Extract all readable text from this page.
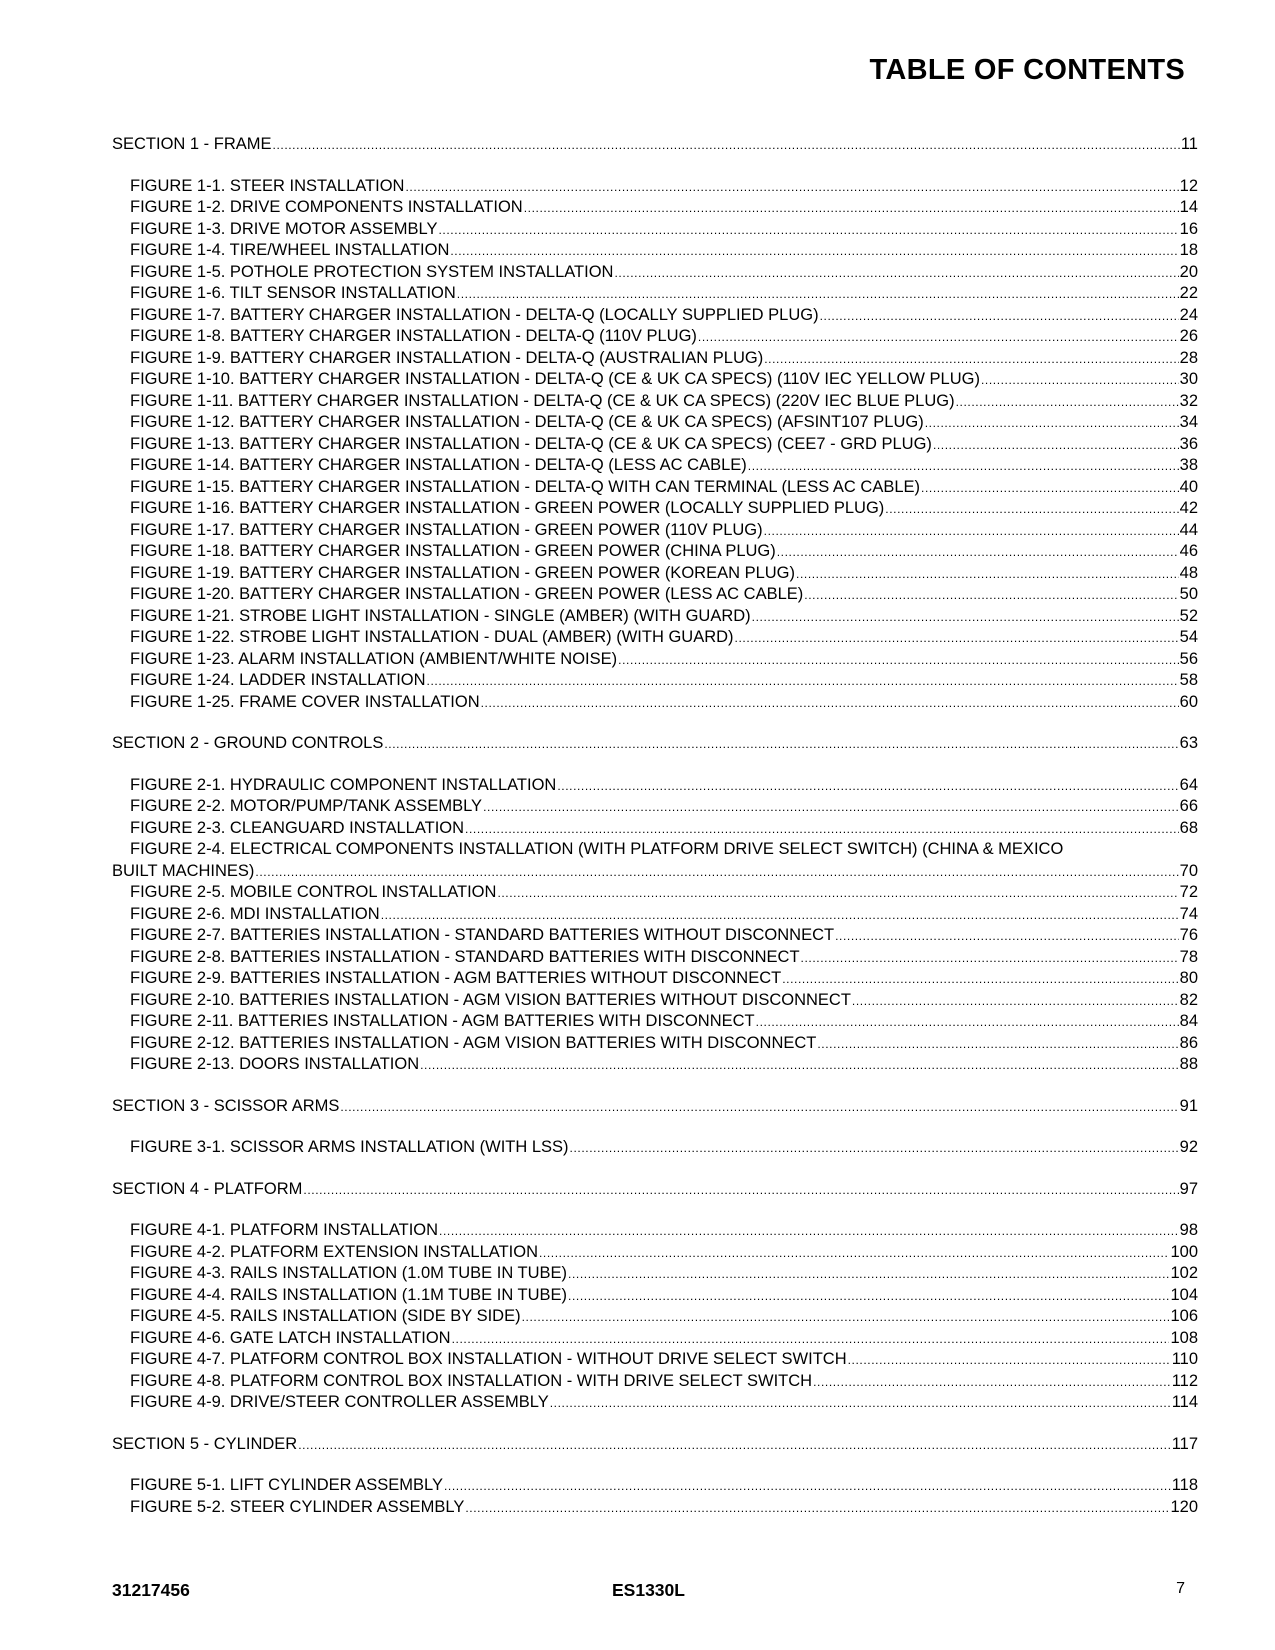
TABLE OF CONTENTS
SECTION 1 - FRAME .....	11
FIGURE 1-1. STEER INSTALLATION .....	12
FIGURE 1-2. DRIVE COMPONENTS INSTALLATION .....	14
FIGURE 1-3. DRIVE MOTOR ASSEMBLY .....	16
FIGURE 1-4. TIRE/WHEEL INSTALLATION .....	18
FIGURE 1-5. POTHOLE PROTECTION SYSTEM INSTALLATION .....	20
FIGURE 1-6. TILT SENSOR INSTALLATION .....	22
FIGURE 1-7. BATTERY CHARGER INSTALLATION - DELTA-Q (LOCALLY SUPPLIED PLUG) .....	24
FIGURE 1-8. BATTERY CHARGER INSTALLATION - DELTA-Q (110V PLUG) .....	26
FIGURE 1-9. BATTERY CHARGER INSTALLATION - DELTA-Q (AUSTRALIAN PLUG) .....	28
FIGURE 1-10. BATTERY CHARGER INSTALLATION - DELTA-Q (CE & UK CA SPECS) (110V IEC YELLOW PLUG) .....	30
FIGURE 1-11. BATTERY CHARGER INSTALLATION - DELTA-Q (CE & UK CA SPECS) (220V IEC BLUE PLUG) .....	32
FIGURE 1-12. BATTERY CHARGER INSTALLATION - DELTA-Q (CE & UK CA SPECS) (AFSINT107 PLUG) .....	34
FIGURE 1-13. BATTERY CHARGER INSTALLATION - DELTA-Q (CE & UK CA SPECS) (CEE7 - GRD PLUG) .....	36
FIGURE 1-14. BATTERY CHARGER INSTALLATION - DELTA-Q (LESS AC CABLE) .....	38
FIGURE 1-15. BATTERY CHARGER INSTALLATION - DELTA-Q WITH CAN TERMINAL (LESS AC CABLE) .....	40
FIGURE 1-16. BATTERY CHARGER INSTALLATION - GREEN POWER (LOCALLY SUPPLIED PLUG) .....	42
FIGURE 1-17. BATTERY CHARGER INSTALLATION - GREEN POWER (110V PLUG) .....	44
FIGURE 1-18. BATTERY CHARGER INSTALLATION - GREEN POWER (CHINA PLUG) .....	46
FIGURE 1-19. BATTERY CHARGER INSTALLATION - GREEN POWER (KOREAN PLUG) .....	48
FIGURE 1-20. BATTERY CHARGER INSTALLATION - GREEN POWER (LESS AC CABLE) .....	50
FIGURE 1-21. STROBE LIGHT INSTALLATION - SINGLE (AMBER) (WITH GUARD) .....	52
FIGURE 1-22. STROBE LIGHT INSTALLATION - DUAL (AMBER) (WITH GUARD) .....	54
FIGURE 1-23. ALARM INSTALLATION (AMBIENT/WHITE NOISE) .....	56
FIGURE 1-24. LADDER INSTALLATION .....	58
FIGURE 1-25. FRAME COVER INSTALLATION .....	60
SECTION 2 - GROUND CONTROLS .....	63
FIGURE 2-1. HYDRAULIC COMPONENT INSTALLATION .....	64
FIGURE 2-2. MOTOR/PUMP/TANK ASSEMBLY .....	66
FIGURE 2-3. CLEANGUARD INSTALLATION .....	68
FIGURE 2-4. ELECTRICAL COMPONENTS INSTALLATION (WITH PLATFORM DRIVE SELECT SWITCH) (CHINA & MEXICO
BUILT MACHINES) .....	70
FIGURE 2-5. MOBILE CONTROL INSTALLATION .....	72
FIGURE 2-6. MDI INSTALLATION .....	74
FIGURE 2-7. BATTERIES INSTALLATION - STANDARD BATTERIES WITHOUT DISCONNECT .....	76
FIGURE 2-8. BATTERIES INSTALLATION - STANDARD BATTERIES WITH DISCONNECT .....	78
FIGURE 2-9. BATTERIES INSTALLATION - AGM BATTERIES WITHOUT DISCONNECT .....	80
FIGURE 2-10. BATTERIES INSTALLATION - AGM VISION BATTERIES WITHOUT DISCONNECT .....	82
FIGURE 2-11. BATTERIES INSTALLATION - AGM BATTERIES WITH DISCONNECT .....	84
FIGURE 2-12. BATTERIES INSTALLATION - AGM VISION BATTERIES WITH DISCONNECT .....	86
FIGURE 2-13. DOORS INSTALLATION .....	88
SECTION 3 - SCISSOR ARMS .....	91
FIGURE 3-1. SCISSOR ARMS INSTALLATION (WITH LSS) .....	92
SECTION 4 - PLATFORM .....	97
FIGURE 4-1. PLATFORM INSTALLATION .....	98
FIGURE 4-2. PLATFORM EXTENSION INSTALLATION .....	100
FIGURE 4-3. RAILS INSTALLATION (1.0M TUBE IN TUBE) .....	102
FIGURE 4-4. RAILS INSTALLATION (1.1M TUBE IN TUBE) .....	104
FIGURE 4-5. RAILS INSTALLATION (SIDE BY SIDE) .....	106
FIGURE 4-6. GATE LATCH INSTALLATION .....	108
FIGURE 4-7. PLATFORM CONTROL BOX INSTALLATION - WITHOUT DRIVE SELECT SWITCH .....	110
FIGURE 4-8. PLATFORM CONTROL BOX INSTALLATION - WITH DRIVE SELECT SWITCH .....	112
FIGURE 4-9. DRIVE/STEER CONTROLLER ASSEMBLY .....	114
SECTION 5 - CYLINDER .....	117
FIGURE 5-1. LIFT CYLINDER ASSEMBLY .....	118
FIGURE 5-2. STEER CYLINDER ASSEMBLY .....	120
31217456	ES1330L	7
